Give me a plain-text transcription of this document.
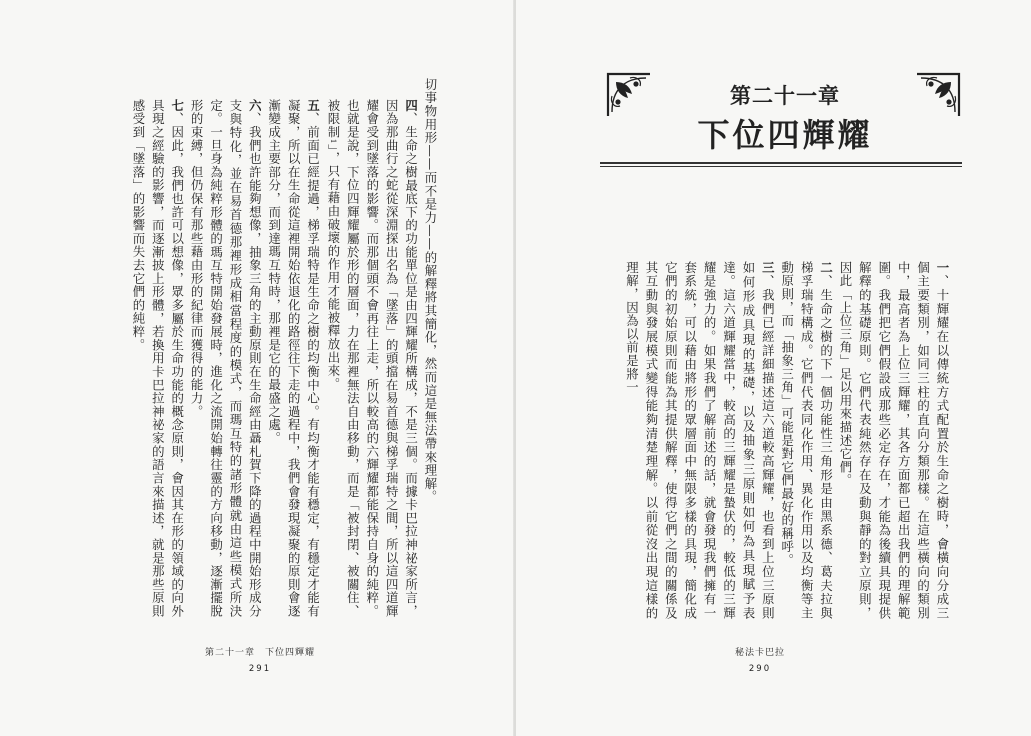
切事物用形——而不是力——的解釋將其簡化，然而這是無法帶來理解。

四、生命之樹最底下的功能單位是由四輝耀所構成，不是三個。而據卡巴拉神祕家所言，因為那曲行之蛇從深淵探出名為「墜落」的頭擋在易首德與梯孚瑞特之間，所以這四道輝耀會受到墜落的影響。而那個頭不會再往上走，所以較高的六輝耀都能保持自身的純粹。也就是說，下位四輝耀屬於形的層面，力在那裡無法自由移動，而是「被封閉、被關住、被限制1」，只有藉由破壞的作用才能被釋放出來。

五、前面已經提過，梯孚瑞特是生命之樹的均衡中心。有均衡才能有穩定，有穩定才能有凝聚，所以在生命從這裡開始依退化的路徑往下走的過程中，我們會發現凝聚的原則會逐漸變成主要部分，而到達瑪互特時，那裡是它的最盛之處。

六、我們也許能夠想像，抽象三角的主動原則在生命經由聶札賀下降的過程中開始形成分支與特化，並在易首德那裡形成相當程度的模式，而瑪互特的諸形體就由這些模式所決定。一旦身為純粹形體的瑪互特開始發展時，進化之流開始轉往靈的方向移動，逐漸擺脫形的束縛，但仍保有那些藉由形的紀律而獲得的能力。

七、因此，我們也許可以想像，眾多屬於生命功能的概念原則，會因其在形的領域的向外具現之經驗的影響，而逐漸披上形體，若換用卡巴拉神祕家的語言來描述，就是那些原則感受到「墜落」的影響而失去它們的純粹。

第二十一章　下位四輝耀
291
第二十一章
下位四輝耀

一、十輝耀在以傳統方式配置於生命之樹時，會橫向分成三個主要類別，如同三柱的直向分類那樣。在這些橫向的類別中，最高者為上位三輝耀，其各方面都已超出我們的理解範圍。我們把它們假設成那些必定存在，才能為後續具現提供解釋的基礎原則。它們代表純然存在及動與靜的對立原則，因此「上位三角」足以用來描述它們。

二、生命之樹的下一個功能性三角形是由黑系德、葛夫拉與梯孚瑞特構成。它們代表同化作用、異化作用以及均衡等主動原則，而「抽象三角」可能是對它們最好的稱呼。

三、我們已經詳細描述這六道較高輝耀，也看到上位三原則如何形成具現的基礎，以及抽象三原則如何為具現賦予表達。這六道輝耀當中，較高的三輝耀是蟄伏的，較低的三輝耀是強力的。如果我們了解前述的話，就會發現我們擁有一套系統，可以藉由將形的眾層面中無限多樣的具現，簡化成它們的初始原則而能為其提供解釋，使得它們之間的關係及其互動與發展模式變得能夠清楚理解。以前從沒出現這樣的理解，因為以前是將一

秘法卡巴拉
290
